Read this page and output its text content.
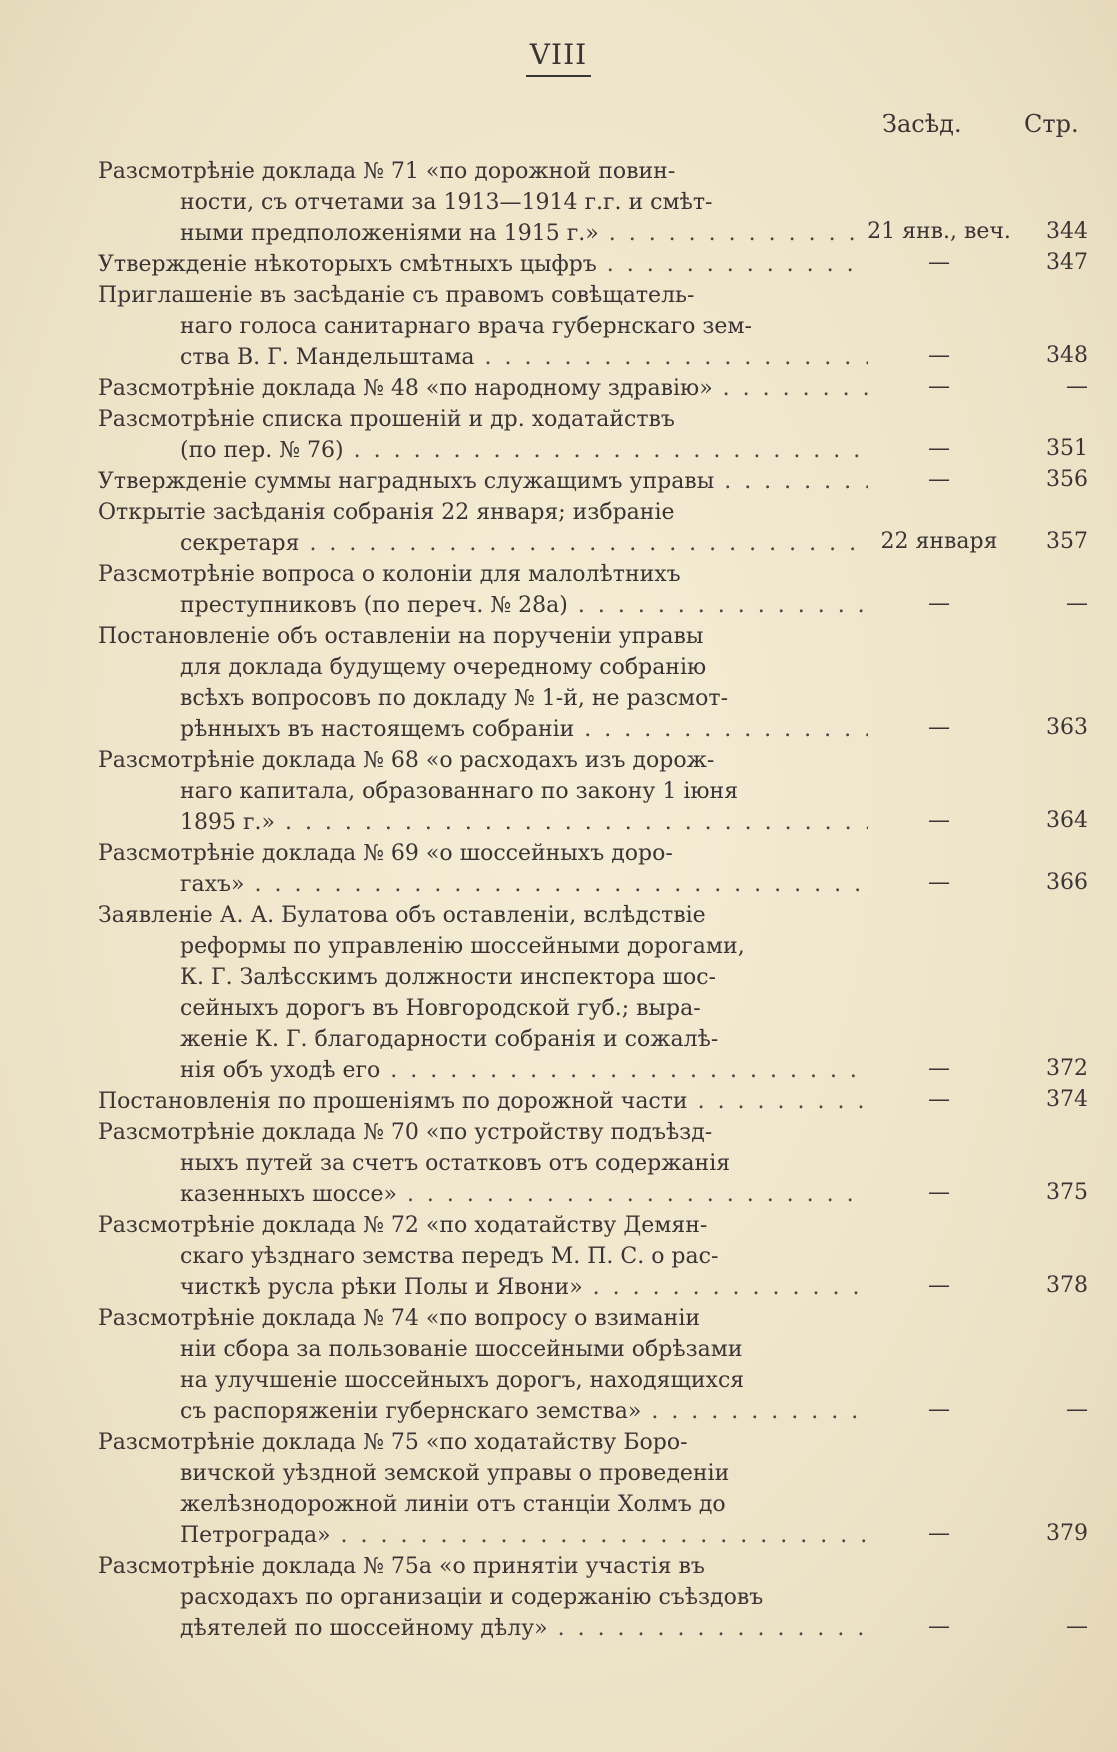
VIII
Засѣд.	Стр.
Разсмотрѣніе доклада № 71 «по дорожной повин-
ности, съ отчетами за 1913—1914 г.г. и смѣт-
ными предположеніями на 1915 г.» . . .	21 янв., веч.	344
Утвержденіе нѣкоторыхъ смѣтныхъ цыфръ . . .	—	347
Приглашеніе въ засѣданіе съ правомъ совѣщатель-
наго голоса санитарнаго врача губернскаго зем-
ства В. Г. Мандельштама . . .	—	348
Разсмотрѣніе доклада № 48 «по народному здравію» . . .	—	—
Разсмотрѣніе списка прошеній и др. ходатайствъ
(по пер. № 76) . . .	—	351
Утвержденіе суммы наградныхъ служащимъ управы . . .	—	356
Открытіе засѣданія собранія 22 января; избраніе
секретаря . . .	22 января	357
Разсмотрѣніе вопроса о колоніи для малолѣтнихъ
преступниковъ (по переч. № 28а) . . .	—	—
Постановленіе объ оставленіи на порученіи управы
для доклада будущему очередному собранію
всѣхъ вопросовъ по докладу № 1-й, не разсмот-
рѣнныхъ въ настоящемъ собраніи . . .	—	363
Разсмотрѣніе доклада № 68 «о расходахъ изъ дорож-
наго капитала, образованнаго по закону 1 іюня
1895 г.» . . .	—	364
Разсмотрѣніе доклада № 69 «о шоссейныхъ доро-
гахъ» . . .	—	366
Заявленіе А. А. Булатова объ оставленіи, вслѣдствіе
реформы по управленію шоссейными дорогами,
К. Г. Залѣсскимъ должности инспектора шос-
сейныхъ дорогъ въ Новгородской губ.; выра-
женіе К. Г. благодарности собранія и сожалѣ-
нія объ уходѣ его . . .	—	372
Постановленія по прошеніямъ по дорожной части . . .	—	374
Разсмотрѣніе доклада № 70 «по устройству подъѣзд-
ныхъ путей за счетъ остатковъ отъ содержанія
казенныхъ шоссе» . . .	—	375
Разсмотрѣніе доклада № 72 «по ходатайству Демян-
скаго уѣзднаго земства передъ М. П. С. о рас-
чисткѣ русла рѣки Полы и Явони» . . .	—	378
Разсмотрѣніе доклада № 74 «по вопросу о взиманіи
ніи сбора за пользованіе шоссейными обрѣзами
на улучшеніе шоссейныхъ дорогъ, находящихся
съ распоряженіи губернскаго земства» . . .	—	—
Разсмотрѣніе доклада № 75 «по ходатайству Боро-
вичской уѣздной земской управы о проведеніи
желѣзнодорожной линіи отъ станціи Холмъ до
Петрограда» . . .	—	379
Разсмотрѣніе доклада № 75а «о принятіи участія въ
расходахъ по организаціи и содержанію съѣздовъ
дѣятелей по шоссейному дѣлу» . . .	—	—
